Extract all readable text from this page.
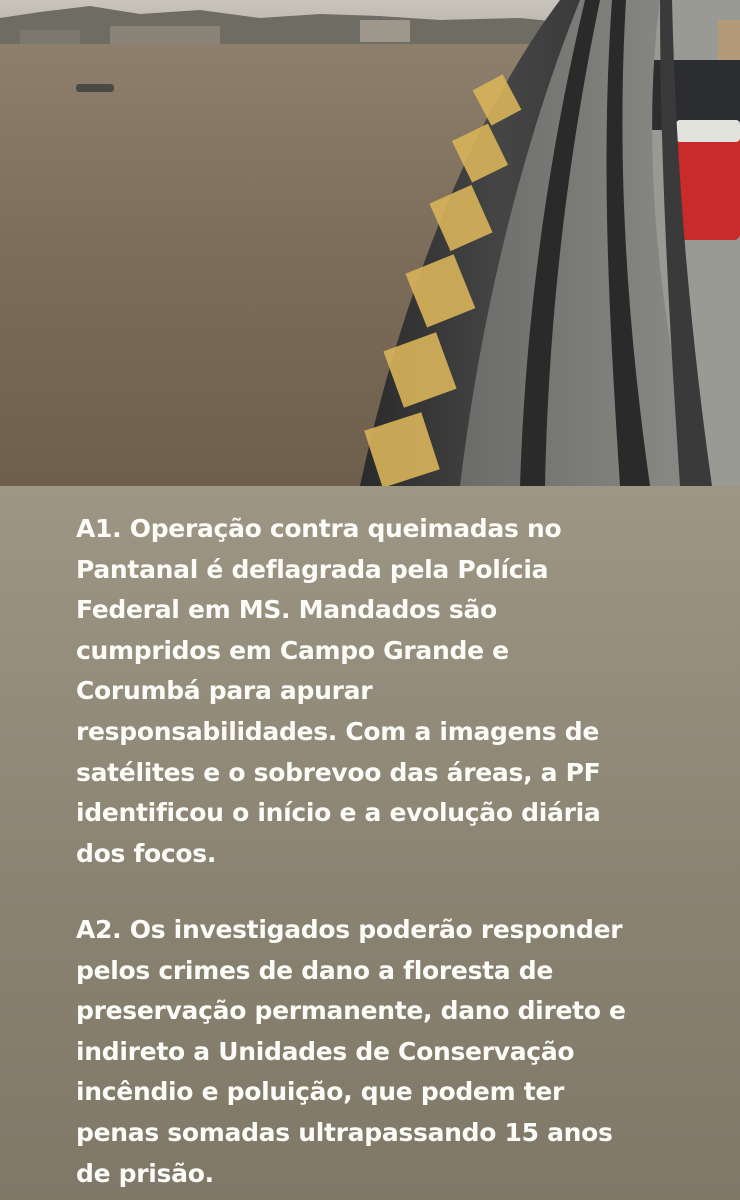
A1. Operação contra queimadas no
Pantanal é deflagrada pela Polícia
Federal em MS. Mandados são
cumpridos em Campo Grande e
Corumbá para apurar
responsabilidades. Com a imagens de
satélites e o sobrevoo das áreas, a PF
identificou o início e a evolução diária
dos focos.

A2. Os investigados poderão responder
pelos crimes de dano a floresta de
preservação permanente, dano direto e
indireto a Unidades de Conservação
incêndio e poluição, que podem ter
penas somadas ultrapassando 15 anos
de prisão.
